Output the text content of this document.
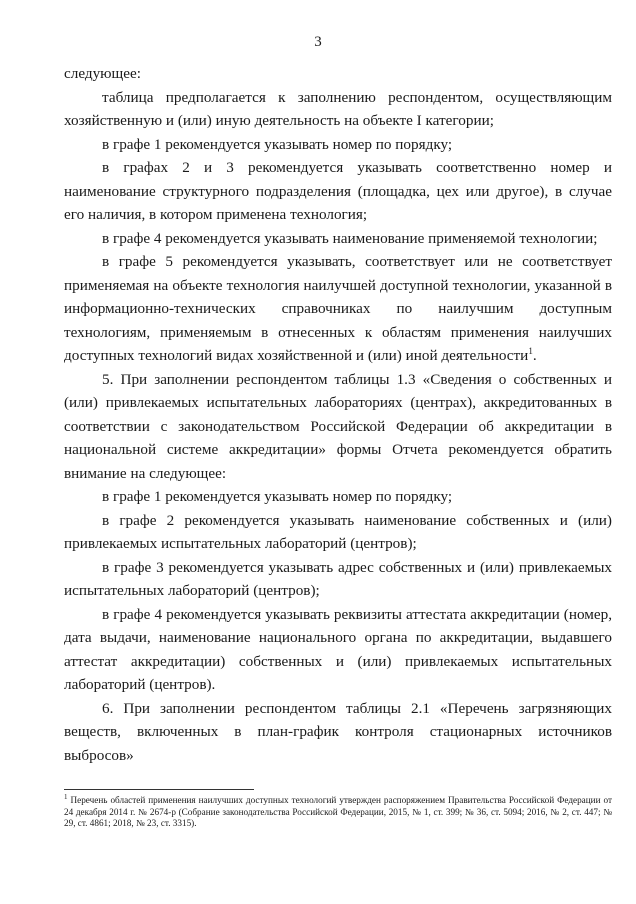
3

следующее:

таблица предполагается к заполнению респондентом, осуществляющим хозяйственную и (или) иную деятельность на объекте I категории;

в графе 1 рекомендуется указывать номер по порядку;

в графах 2 и 3 рекомендуется указывать соответственно номер и наименование структурного подразделения (площадка, цех или другое), в случае его наличия, в котором применена технология;

в графе 4 рекомендуется указывать наименование применяемой технологии;

в графе 5 рекомендуется указывать, соответствует или не соответствует применяемая на объекте технология наилучшей доступной технологии, указанной в информационно-технических справочниках по наилучшим доступным технологиям, применяемым в отнесенных к областям применения наилучших доступных технологий видах хозяйственной и (или) иной деятельности$^1$.

5. При заполнении респондентом таблицы 1.3 «Сведения о собственных и (или) привлекаемых испытательных лабораториях (центрах), аккредитованных в соответствии с законодательством Российской Федерации об аккредитации в национальной системе аккредитации» формы Отчета рекомендуется обратить внимание на следующее:

в графе 1 рекомендуется указывать номер по порядку;

в графе 2 рекомендуется указывать наименование собственных и (или) привлекаемых испытательных лабораторий (центров);

в графе 3 рекомендуется указывать адрес собственных и (или) привлекаемых испытательных лабораторий (центров);

в графе 4 рекомендуется указывать реквизиты аттестата аккредитации (номер, дата выдачи, наименование национального органа по аккредитации, выдавшего аттестат аккредитации) собственных и (или) привлекаемых испытательных лабораторий (центров).

6. При заполнении респондентом таблицы 2.1 «Перечень загрязняющих веществ, включенных в план-график контроля стационарных источников выбросов»

$^1$ Перечень областей применения наилучших доступных технологий утвержден распоряжением Правительства Российской Федерации от 24 декабря 2014 г. № 2674-р (Собрание законодательства Российской Федерации, 2015, № 1, ст. 399; № 36, ст. 5094; 2016, № 2, ст. 447; № 29, ст. 4861; 2018, № 23, ст. 3315).
